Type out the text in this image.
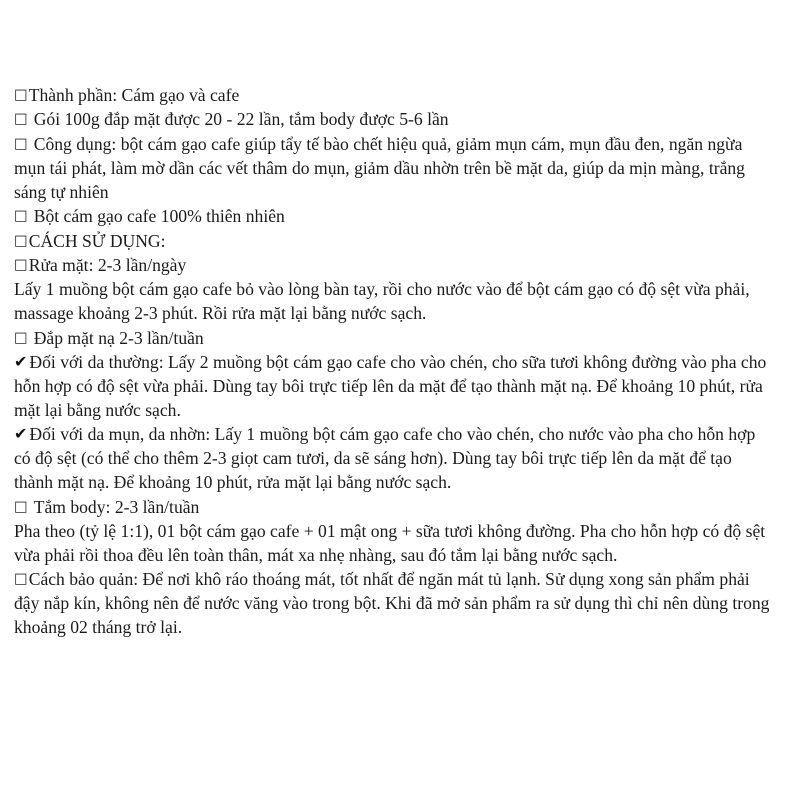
□Thành phần: Cám gạo và cafe

□ Gói 100g đắp mặt được 20 - 22 lần, tắm body được 5-6 lần

□ Công dụng: bột cám gạo cafe giúp tẩy tế bào chết hiệu quả, giảm mụn cám, mụn đầu đen, ngăn ngừa mụn tái phát, làm mờ dần các vết thâm do mụn, giảm dầu nhờn trên bề mặt da, giúp da mịn màng, trắng sáng tự nhiên

□ Bột cám gạo cafe 100% thiên nhiên

□CÁCH SỬ DỤNG:

□Rửa mặt: 2-3 lần/ngày

Lấy 1 muồng bột cám gạo cafe bỏ vào lòng bàn tay, rồi cho nước vào để bột cám gạo có độ sệt vừa phải, massage khoảng 2-3 phút. Rồi rửa mặt lại bằng nước sạch.

□ Đắp mặt nạ 2-3 lần/tuần

✔ Đối với da thường: Lấy 2 muồng bột cám gạo cafe cho vào chén, cho sữa tươi không đường vào pha cho hỗn hợp có độ sệt vừa phải. Dùng tay bôi trực tiếp lên da mặt để tạo thành mặt nạ. Để khoảng 10 phút, rửa mặt lại bằng nước sạch.

✔ Đối với da mụn, da nhờn: Lấy 1 muồng bột cám gạo cafe cho vào chén, cho nước vào pha cho hỗn hợp có độ sệt (có thể cho thêm 2-3 giọt cam tươi, da sẽ sáng hơn). Dùng tay bôi trực tiếp lên da mặt để tạo thành mặt nạ. Để khoảng 10 phút, rửa mặt lại bằng nước sạch.

□ Tắm body: 2-3 lần/tuần

Pha theo (tỷ lệ 1:1), 01 bột cám gạo cafe + 01 mật ong + sữa tươi không đường. Pha cho hỗn hợp có độ sệt vừa phải rồi thoa đều lên toàn thân, mát xa nhẹ nhàng, sau đó tắm lại bằng nước sạch.

□Cách bảo quản: Để nơi khô ráo thoáng mát, tốt nhất để ngăn mát tủ lạnh. Sử dụng xong sản phẩm phải đậy nắp kín, không nên để nước văng vào trong bột. Khi đã mở sản phẩm ra sử dụng thì chỉ nên dùng trong khoảng 02 tháng trở lại.
